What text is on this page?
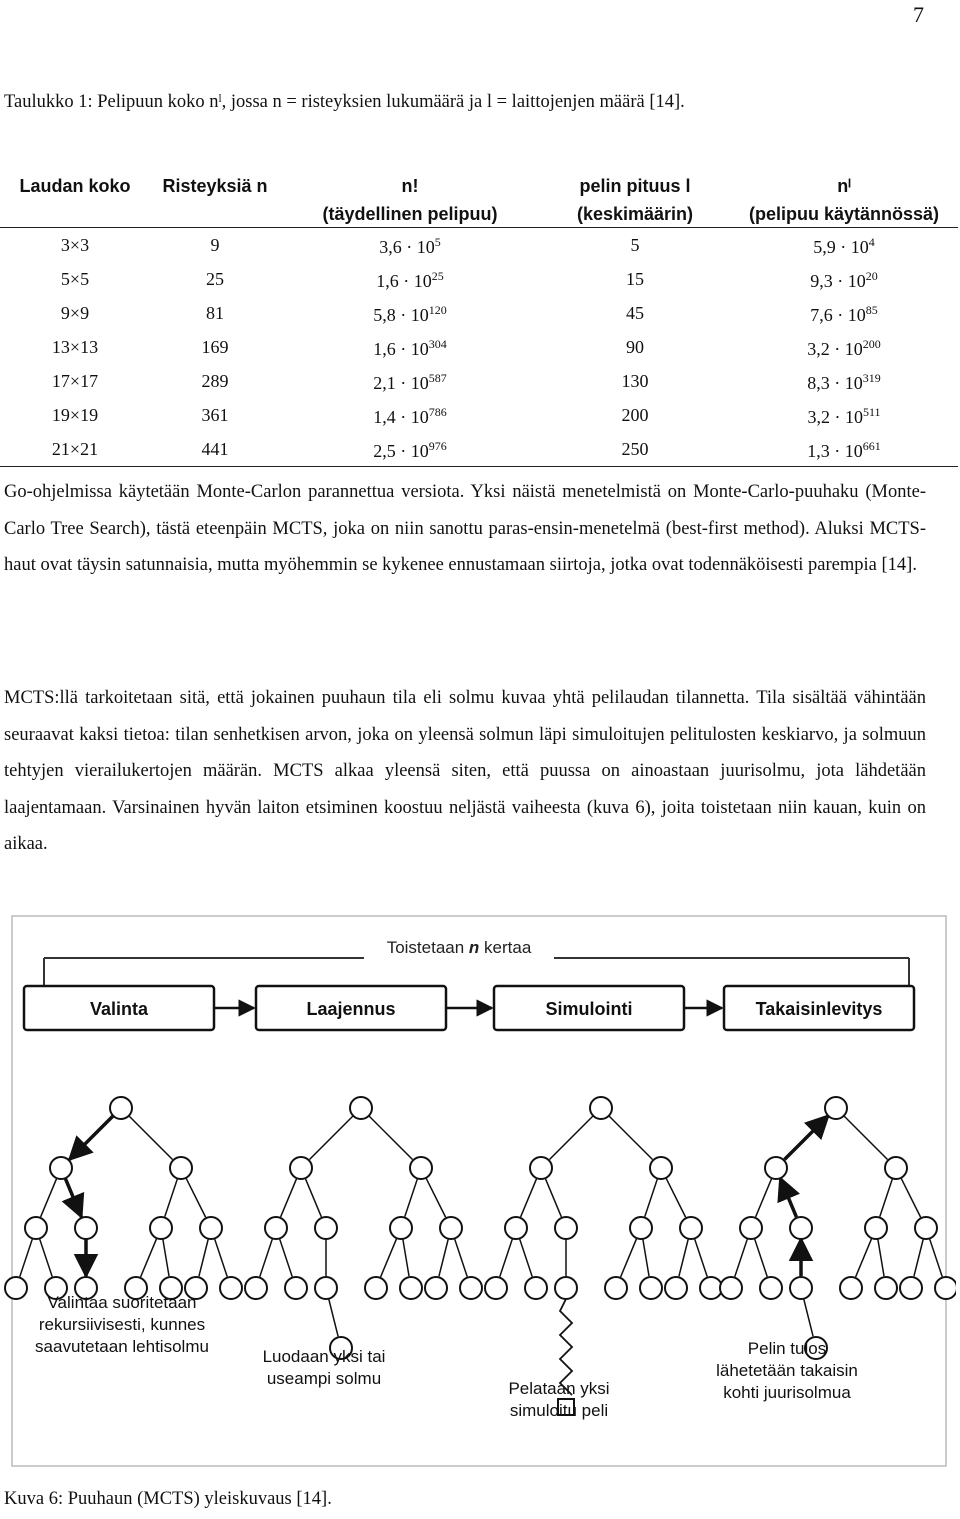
7
Taulukko 1: Pelipuun koko nˡ, jossa n = risteyksien lukumäärä ja l = laittojenjen määrä [14].
Laudan koko	Risteyksiä n	n!	pelin pituus l	nˡ
		(täydellinen pelipuu)	(keskimäärin)	(pelipuu käytännössä)
3×3	9	$3,6 \cdot 10^5$	5	$5,9 \cdot 10^4$
5×5	25	$1,6 \cdot 10^{25}$	15	$9,3 \cdot 10^{20}$
9×9	81	$5,8 \cdot 10^{120}$	45	$7,6 \cdot 10^{85}$
13×13	169	$1,6 \cdot 10^{304}$	90	$3,2 \cdot 10^{200}$
17×17	289	$2,1 \cdot 10^{587}$	130	$8,3 \cdot 10^{319}$
19×19	361	$1,4 \cdot 10^{786}$	200	$3,2 \cdot 10^{511}$
21×21	441	$2,5 \cdot 10^{976}$	250	$1,3 \cdot 10^{661}$
Go-ohjelmissa käytetään Monte-Carlon parannettua versiota. Yksi näistä menetelmistä on Monte-Carlo-puuhaku (Monte-Carlo Tree Search), tästä eteenpäin MCTS, joka on niin sanottu paras-ensin-menetelmä (best-first method). Aluksi MCTS-haut ovat täysin satunnaisia, mutta myöhemmin se kykenee ennustamaan siirtoja, jotka ovat todennäköisesti parempia [14].
MCTS:llä tarkoitetaan sitä, että jokainen puuhaun tila eli solmu kuvaa yhtä pelilaudan tilannetta. Tila sisältää vähintään seuraavat kaksi tietoa: tilan senhetkisen arvon, joka on yleensä solmun läpi simuloitujen pelitulosten keskiarvo, ja solmuun tehtyjen vierailukertojen määrän. MCTS alkaa yleensä siten, että puussa on ainoastaan juurisolmu, jota lähdetään laajentamaan. Varsinainen hyvän laiton etsiminen koostuu neljästä vaiheesta (kuva 6), joita toistetaan niin kauan, kuin on aikaa.
Toistetaan n kertaa
Valinta	Laajennus	Simulointi	Takaisinlevitys
Valintaa suoritetaan rekursiivisesti, kunnes saavutetaan lehtisolmu
Luodaan yksi tai useampi solmu
Pelataan yksi simuloitu peli
Pelin tulos lähetetään takaisin kohti juurisolmua
Kuva 6: Puuhaun (MCTS) yleiskuvaus [14].
